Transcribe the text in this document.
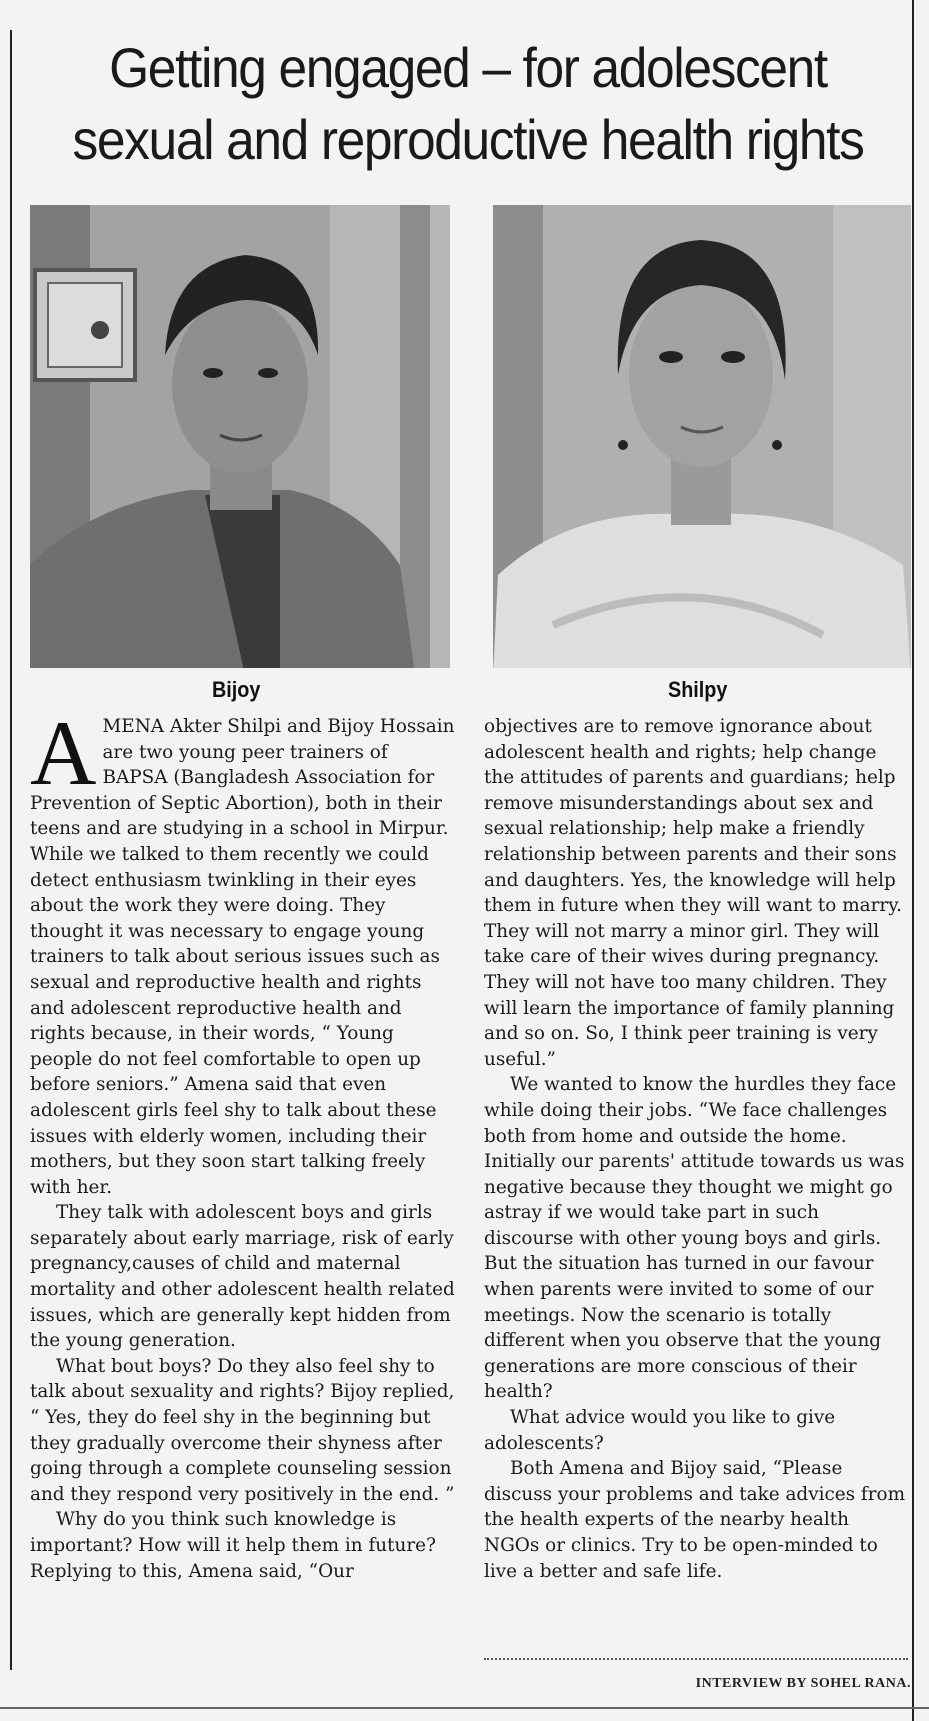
Getting engaged – for adolescent
sexual and reproductive health rights
Bijoy	Shilpy

AMENA Akter Shilpi and Bijoy Hossain are two young peer trainers of BAPSA (Bangladesh Association for Prevention of Septic Abortion), both in their teens and are studying in a school in Mirpur. While we talked to them recently we could detect enthusiasm twinkling in their eyes about the work they were doing. They thought it was necessary to engage young trainers to talk about serious issues such as sexual and reproductive health and rights and adolescent reproductive health and rights because, in their words, “ Young people do not feel comfortable to open up before seniors.” Amena said that even adolescent girls feel shy to talk about these issues with elderly women, including their mothers, but they soon start talking freely with her.

They talk with adolescent boys and girls separately about early marriage, risk of early pregnancy,causes of child and maternal mortality and other adolescent health related issues, which are generally kept hidden from the young generation.

What bout boys? Do they also feel shy to talk about sexuality and rights? Bijoy replied, “ Yes, they do feel shy in the beginning but they gradually overcome their shyness after going through a complete counseling session and they respond very positively in the end. ”

Why do you think such knowledge is important? How will it help them in future? Replying to this, Amena said, “Our

objectives are to remove ignorance about adolescent health and rights; help change the attitudes of parents and guardians; help remove misunderstandings about sex and sexual relationship; help make a friendly relationship between parents and their sons and daughters. Yes, the knowledge will help them in future when they will want to marry. They will not marry a minor girl. They will take care of their wives during pregnancy. They will not have too many children. They will learn the importance of family planning and so on. So, I think peer training is very useful.”

We wanted to know the hurdles they face while doing their jobs. “We face challenges both from home and outside the home. Initially our parents' attitude towards us was negative because they thought we might go astray if we would take part in such discourse with other young boys and girls. But the situation has turned in our favour when parents were invited to some of our meetings. Now the scenario is totally different when you observe that the young generations are more conscious of their health?

What advice would you like to give adolescents?

Both Amena and Bijoy said, “Please discuss your problems and take advices from the health experts of the nearby health NGOs or clinics. Try to be open-minded to live a better and safe life.

INTERVIEW BY SOHEL RANA.
